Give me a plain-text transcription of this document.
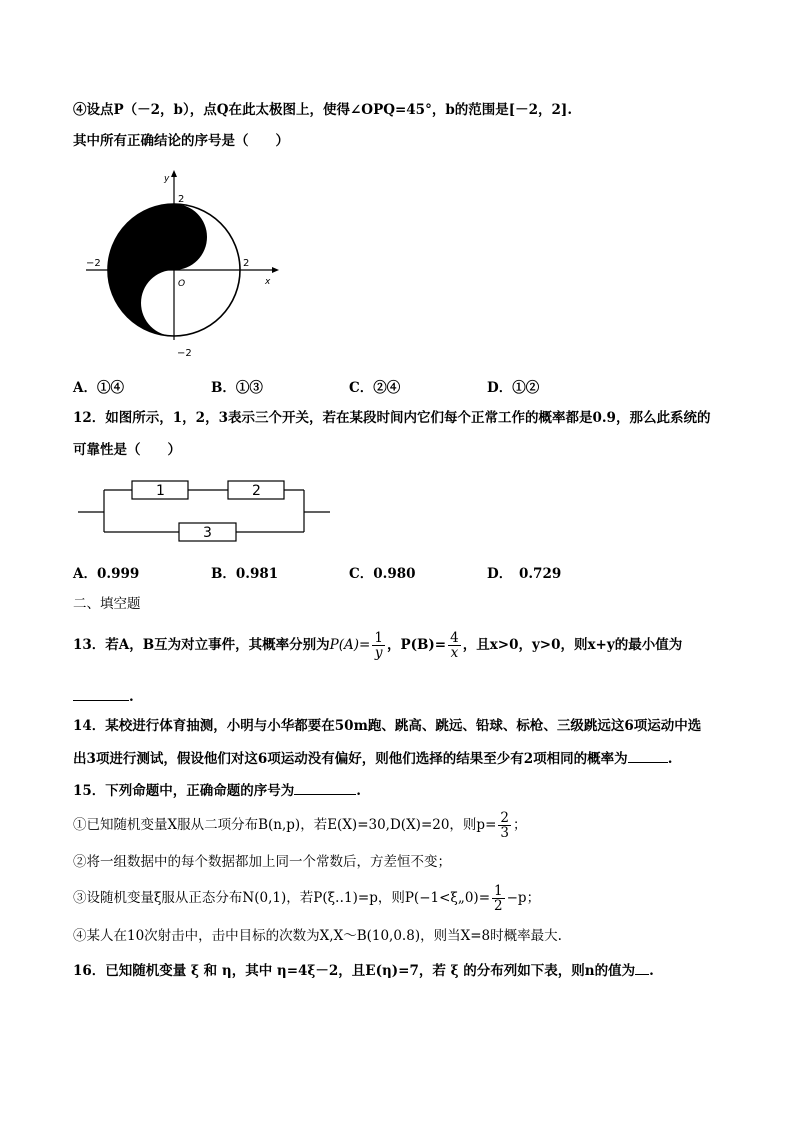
④设点P（－2，b），点Q在此太极图上，使得∠OPQ=45°，b的范围是[－2，2].
其中所有正确结论的序号是（　　）
y
x
O
2
−2
−2	2
A．①④	B．①③	C．②④	D．①②
12．如图所示，1，2，3表示三个开关，若在某段时间内它们每个正常工作的概率都是0.9，那么此系统的
可靠性是（　　）
1	2
3
A．0.999	B．0.981	C．0.980	D．　0.729
二、填空题
13．若A，B互为对立事件，其概率分别为$P(A)= \frac{1}{y}$ ，$P(B)= \frac{4}{x}$ ，且x>0，y>0，则x+y的最小值为
.
14．某校进行体育抽测，小明与小华都要在50m跑、跳高、跳远、铅球、标枪、三级跳远这6项运动中选
出3项进行测试，假设他们对这6项运动没有偏好，则他们选择的结果至少有2项相同的概率为	.
15．下列命题中，正确命题的序号为	.
①已知随机变量X服从二项分布B(n,p)，若E(X)=30,D(X)=20，则$p= \frac{2}{3}$ ；
②将一组数据中的每个数据都加上同一个常数后，方差恒不变；
③设随机变量ξ服从正态分布N(0,1)，若P(ξ‥1)=p，则P(−1<ξ„0)= $\frac{1}{2} -p$；
④某人在10次射击中，击中目标的次数为X,X～B(10,0.8)，则当X=8时概率最大.
16．已知随机变量 ξ 和 η，其中 η=4ξ－2，且E(η)=7，若 ξ 的分布列如下表，则n的值为 .
